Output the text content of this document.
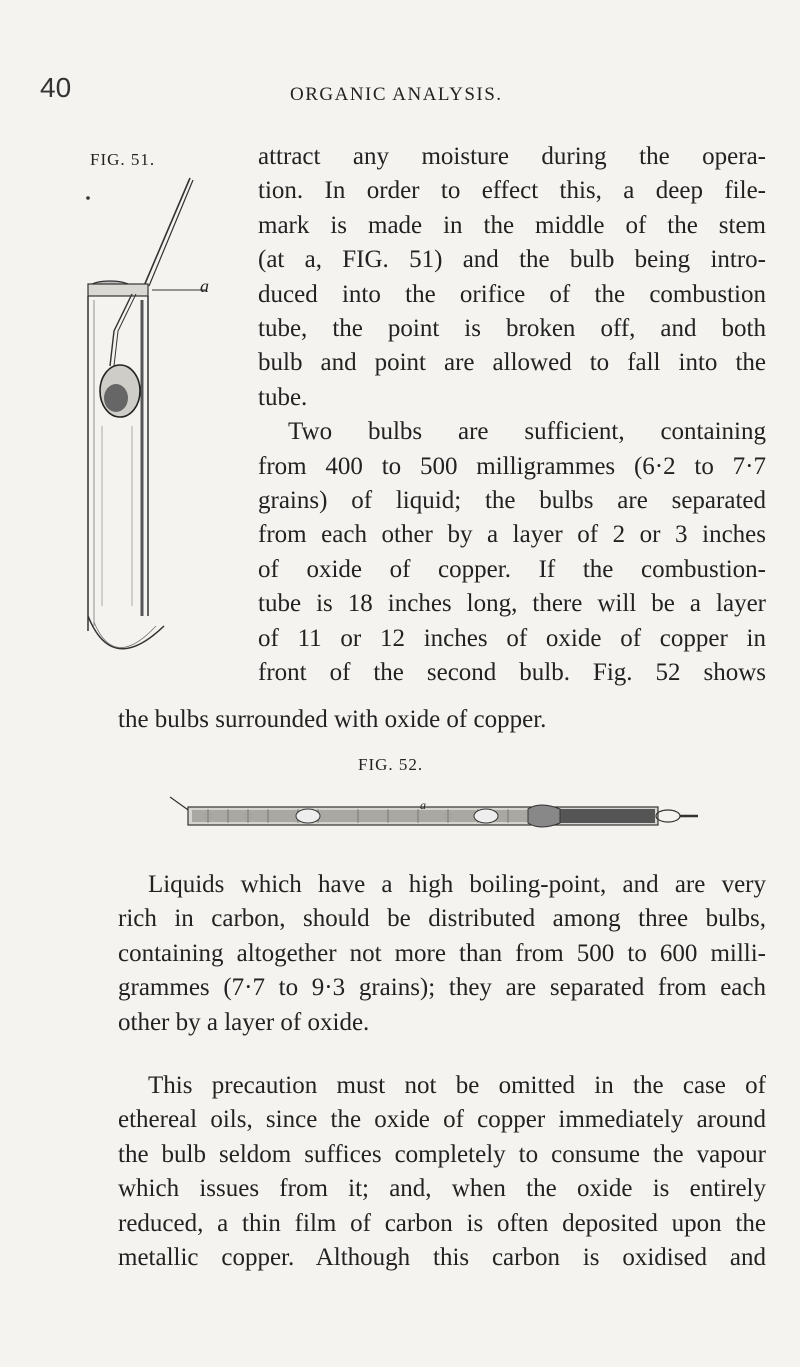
40	ORGANIC ANALYSIS.
FIG. 51.
a
attract any moisture during the opera-
tion. In order to effect this, a deep file-
mark is made in the middle of the stem
(at a, FIG. 51) and the bulb being intro-
duced into the orifice of the combustion
tube, the point is broken off, and both
bulb and point are allowed to fall into the
tube.
Two bulbs are sufficient, containing
from 400 to 500 milligrammes (6·2 to 7·7
grains) of liquid; the bulbs are separated
from each other by a layer of 2 or 3 inches
of oxide of copper. If the combustion-
tube is 18 inches long, there will be a layer
of 11 or 12 inches of oxide of copper in
front of the second bulb. Fig. 52 shows
the bulbs surrounded with oxide of copper.
FIG. 52.
a
Liquids which have a high boiling-point, and are very
rich in carbon, should be distributed among three bulbs,
containing altogether not more than from 500 to 600 milli-
grammes (7·7 to 9·3 grains); they are separated from each
other by a layer of oxide.
This precaution must not be omitted in the case of
ethereal oils, since the oxide of copper immediately around
the bulb seldom suffices completely to consume the vapour
which issues from it; and, when the oxide is entirely
reduced, a thin film of carbon is often deposited upon the
metallic copper. Although this carbon is oxidised and
